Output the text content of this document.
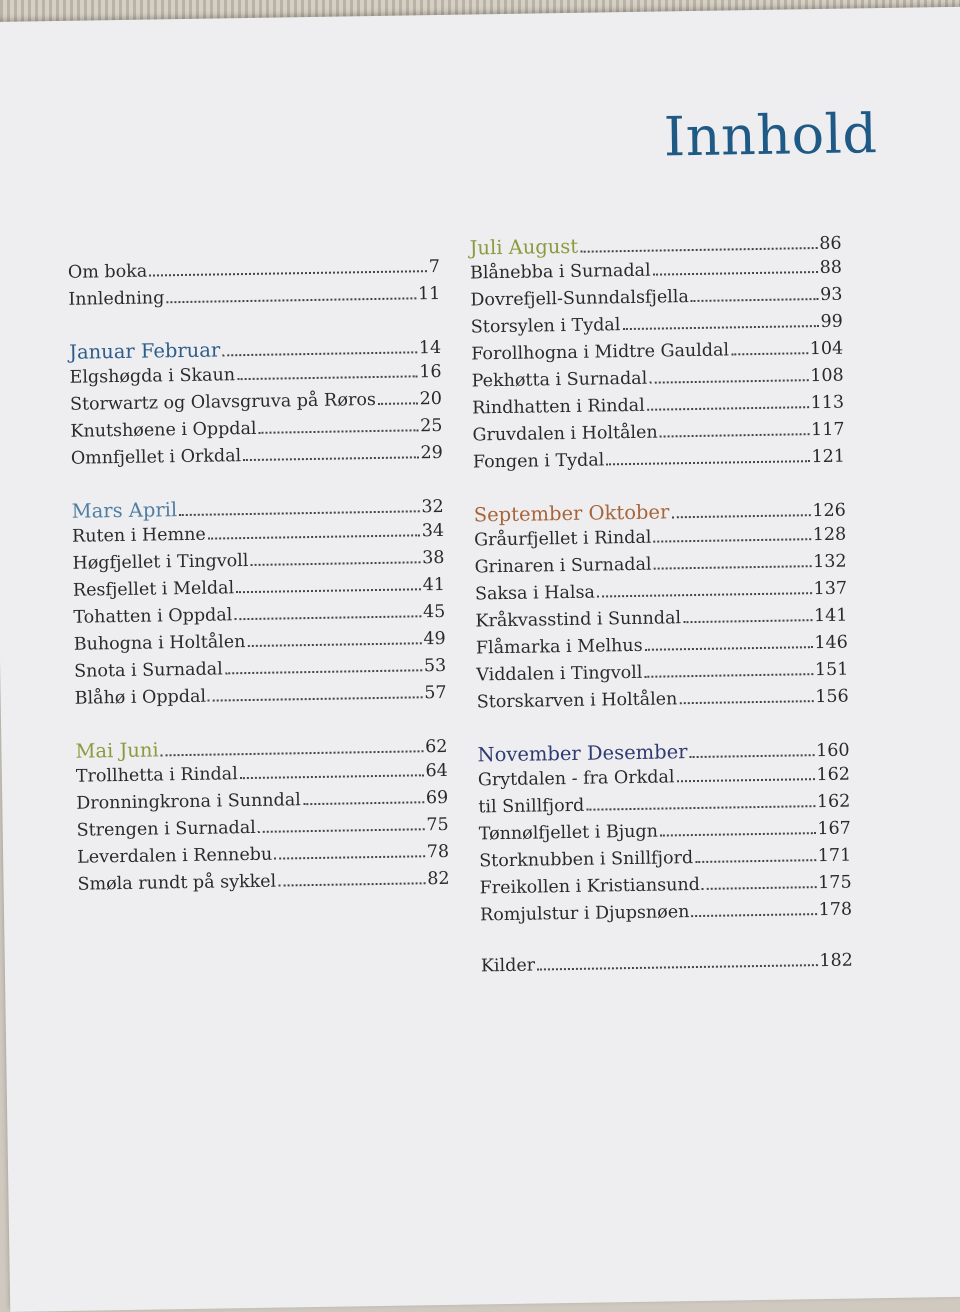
Innhold
Om boka	7
Innledning	11
Januar Februar	14
Elgshøgda i Skaun	16
Storwartz og Olavsgruva på Røros 20
Knutshøene i Oppdal	25
Omnfjellet i Orkdal	29
Mars April	32
Ruten i Hemne	34
Høgfjellet i Tingvoll	38
Resfjellet i Meldal	41
Tohatten i Oppdal	45
Buhogna i Holtålen	49
Snota i Surnadal	53
Blåhø i Oppdal	57
Mai Juni	62
Trollhetta i Rindal	64
Dronningkrona i Sunndal	69
Strengen i Surnadal	75
Leverdalen i Rennebu	78
Smøla rundt på sykkel	82
Juli August	86
Blånebba i Surnadal	88
Dovrefjell-Sunndalsfjella	93
Storsylen i Tydal	99
Forollhogna i Midtre Gauldal	104
Pekhøtta i Surnadal	108
Rindhatten i Rindal	113
Gruvdalen i Holtålen	117
Fongen i Tydal	121
September Oktober	126
Gråurfjellet i Rindal	128
Grinaren i Surnadal	132
Saksa i Halsa	137
Kråkvasstind i Sunndal	141
Flåmarka i Melhus	146
Viddalen i Tingvoll	151
Storskarven i Holtålen	156
November Desember	160
Grytdalen - fra Orkdal	162
til Snillfjord	162
Tønnølfjellet i Bjugn	167
Storknubben i Snillfjord	171
Freikollen i Kristiansund	175
Romjulstur i Djupsnøen	178
Kilder	182
